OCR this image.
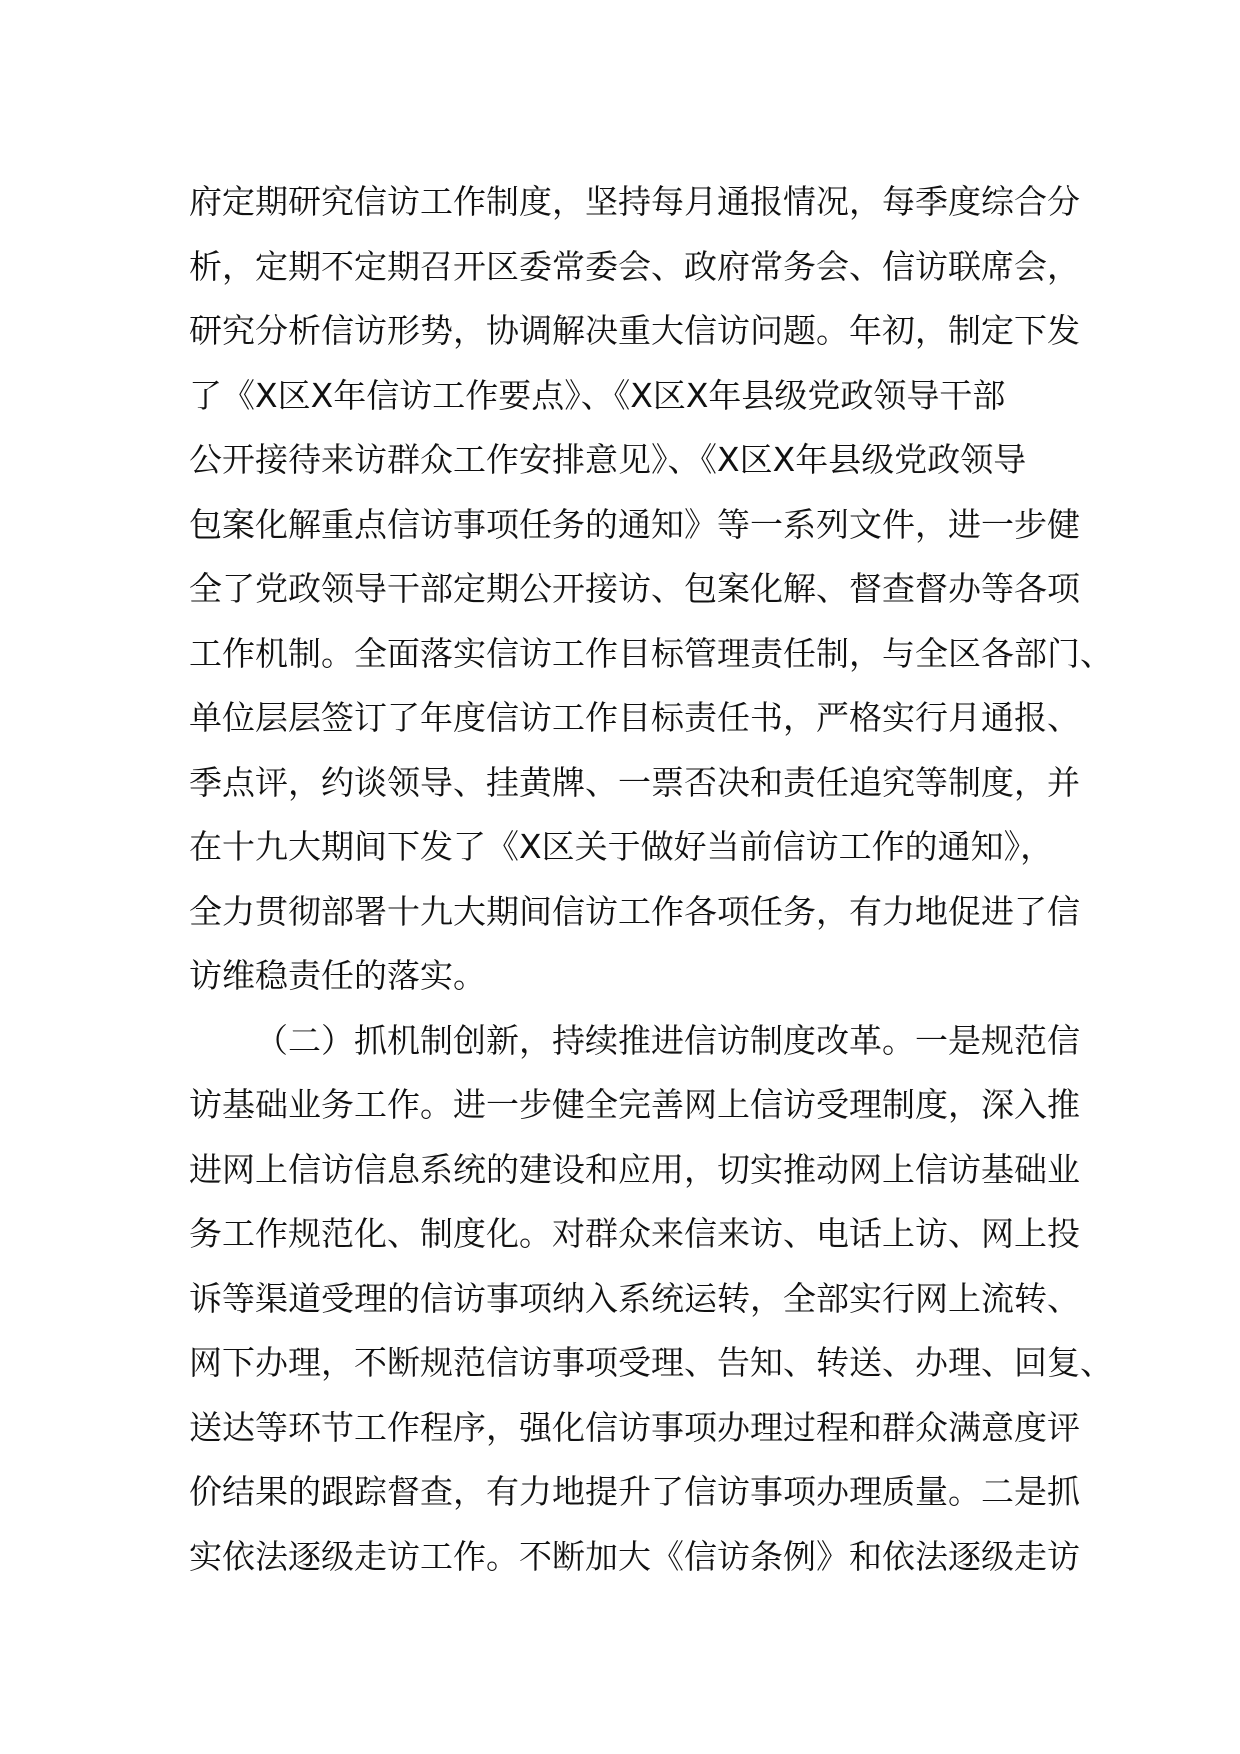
府定期研究信访工作制度，坚持每月通报情况，每季度综合分
析，定期不定期召开区委常委会、政府常务会、信访联席会，
研究分析信访形势，协调解决重大信访问题。年初，制定下发
了《X区X年信访工作要点》、《X区X年县级党政领导干部
公开接待来访群众工作安排意见》、《X区X年县级党政领导
包案化解重点信访事项任务的通知》等一系列文件，进一步健
全了党政领导干部定期公开接访、包案化解、督查督办等各项
工作机制。全面落实信访工作目标管理责任制，与全区各部门、
单位层层签订了年度信访工作目标责任书，严格实行月通报、
季点评，约谈领导、挂黄牌、一票否决和责任追究等制度，并
在十九大期间下发了《X区关于做好当前信访工作的通知》，
全力贯彻部署十九大期间信访工作各项任务，有力地促进了信
访维稳责任的落实。
（二）抓机制创新，持续推进信访制度改革。一是规范信
访基础业务工作。进一步健全完善网上信访受理制度，深入推
进网上信访信息系统的建设和应用，切实推动网上信访基础业
务工作规范化、制度化。对群众来信来访、电话上访、网上投
诉等渠道受理的信访事项纳入系统运转，全部实行网上流转、
网下办理，不断规范信访事项受理、告知、转送、办理、回复、
送达等环节工作程序，强化信访事项办理过程和群众满意度评
价结果的跟踪督查，有力地提升了信访事项办理质量。二是抓
实依法逐级走访工作。不断加大《信访条例》和依法逐级走访
